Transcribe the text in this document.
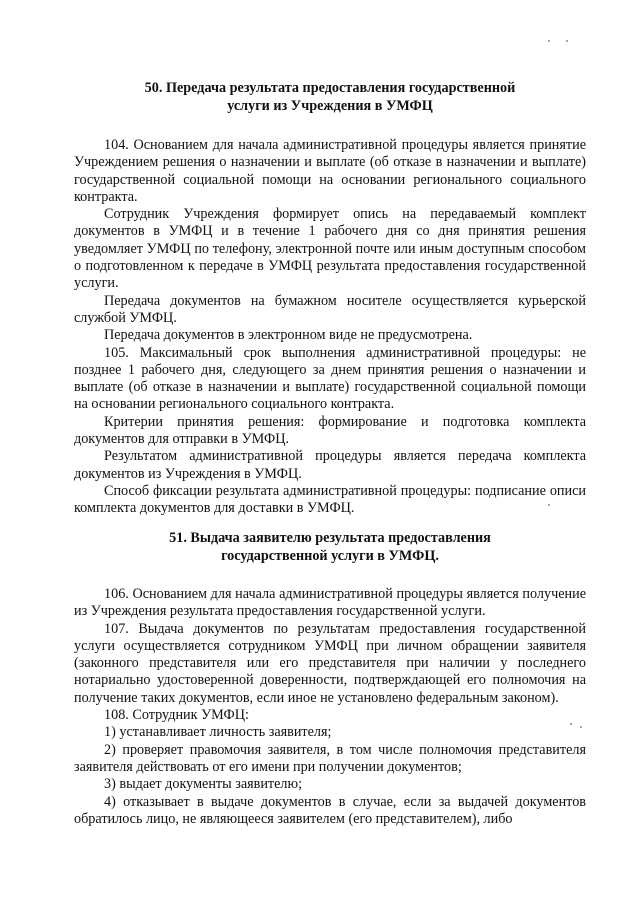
50. Передача результата предоставления государственной
услуги из Учреждения в УМФЦ

104. Основанием для начала административной процедуры является принятие Учреждением решения о назначении и выплате (об отказе в назначении и выплате) государственной социальной помощи на основании регионального социального контракта.

Сотрудник Учреждения формирует опись на передаваемый комплект документов в УМФЦ и в течение 1 рабочего дня со дня принятия решения уведомляет УМФЦ по телефону, электронной почте или иным доступным способом о подготовленном к передаче в УМФЦ результата предоставления государственной услуги.

Передача документов на бумажном носителе осуществляется курьерской службой УМФЦ.

Передача документов в электронном виде не предусмотрена.

105. Максимальный срок выполнения административной процедуры: не позднее 1 рабочего дня, следующего за днем принятия решения о назначении и выплате (об отказе в назначении и выплате) государственной социальной помощи на основании регионального социального контракта.

Критерии принятия решения: формирование и подготовка комплекта документов для отправки в УМФЦ.

Результатом административной процедуры является передача комплекта документов из Учреждения в УМФЦ.

Способ фиксации результата административной процедуры: подписание описи комплекта документов для доставки в УМФЦ.

51. Выдача заявителю результата предоставления
государственной услуги в УМФЦ.

106. Основанием для начала административной процедуры является получение из Учреждения результата предоставления государственной услуги.

107. Выдача документов по результатам предоставления государственной услуги осуществляется сотрудником УМФЦ при личном обращении заявителя (законного представителя или его представителя при наличии у последнего нотариально удостоверенной доверенности, подтверждающей его полномочия на получение таких документов, если иное не установлено федеральным законом).

108. Сотрудник УМФЦ:

1) устанавливает личность заявителя;

2) проверяет правомочия заявителя, в том числе полномочия представителя заявителя действовать от его имени при получении документов;

3) выдает документы заявителю;

4) отказывает в выдаче документов в случае, если за выдачей документов обратилось лицо, не являющееся заявителем (его представителем), либо
